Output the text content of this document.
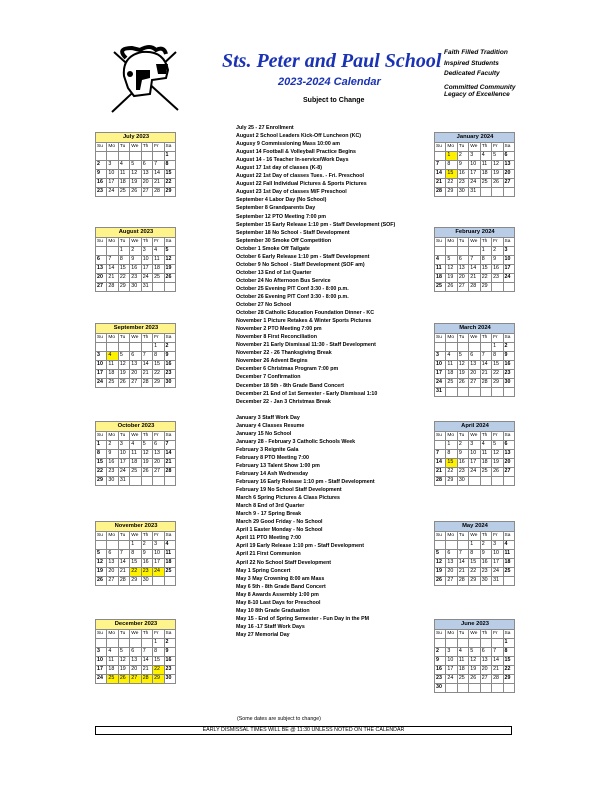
Sts. Peter and Paul School
2023-2024 Calendar
Subject to Change
Faith Filled Tradition
Inspired Students
Dedicated Faculty
Committed Community
Legacy of Excellence
July 2023						
Su	Mo	Tu	We	Th	Fr	Sa
						1
2	3	4	5	6	7	8
9	10	11	12	13	14	15
16	17	18	19	20	21	22
23	24	25	26	27	28	29
August 2023						
Su	Mo	Tu	We	Th	Fr	Sa
		1	2	3	4	5
6	7	8	9	10	11	12
13	14	15	16	17	18	19
20	21	22	23	24	25	26
27	28	29	30	31		
September 2023						
Su	Mo	Tu	We	Th	Fr	Sa
					1	2
3	4	5	6	7	8	9
10	11	12	13	14	15	16
17	18	19	20	21	22	23
24	25	26	27	28	29	30
October 2023						
Su	Mo	Tu	We	Th	Fr	Sa
1	2	3	4	5	6	7
8	9	10	11	12	13	14
15	16	17	18	19	20	21
22	23	24	25	26	27	28
29	30	31				
November 2023						
Su	Mo	Tu	We	Th	Fr	Sa
			1	2	3	4
5	6	7	8	9	10	11
12	13	14	15	16	17	18
19	20	21	22	23	24	25
26	27	28	29	30		
December 2023						
Su	Mo	Tu	We	Th	Fr	Sa
					1	2
3	4	5	6	7	8	9
10	11	12	13	14	15	16
17	18	19	20	21	22	23
24	25	26	27	28	29	30
January 2024						
Su	Mo	Tu	We	Th	Fr	Sa
	1	2	3	4	5	6
7	8	9	10	11	12	13
14	15	16	17	18	19	20
21	22	23	24	25	26	27
28	29	30	31			
February 2024						
Su	Mo	Tu	We	Th	Fr	Sa
				1	2	3
4	5	6	7	8	9	10
11	12	13	14	15	16	17
18	19	20	21	22	23	24
25	26	27	28	29		
March 2024						
Su	Mo	Tu	We	Th	Fr	Sa
					1	2
3	4	5	6	7	8	9
10	11	12	13	14	15	16
17	18	19	20	21	22	23
24	25	26	27	28	29	30
31						
April 2024						
Su	Mo	Tu	We	Th	Fr	Sa
	1	2	3	4	5	6
7	8	9	10	11	12	13
14	15	16	17	18	19	20
21	22	23	24	25	26	27
28	29	30				
May 2024						
Su	Mo	Tu	We	Th	Fr	Sa
			1	2	3	4
5	6	7	8	9	10	11
12	13	14	15	16	17	18
19	20	21	22	23	24	25
26	27	28	29	30	31	
June 2023						
Su	Mo	Tu	We	Th	Fr	Sa
						1
2	3	4	5	6	7	8
9	10	11	12	13	14	15
16	17	18	19	20	21	22
23	24	25	26	27	28	29
30						
July 25 - 27 Enrollment
August 2 School Leaders Kick-Off Luncheon (KC)
Augusy 9 Commissioning Mass 10:00 am
August 14 Football & Volleyball Practice Begins
August 14 - 16 Teacher In-service/Work Days
August 17 1st day of classes (K-8)
August 22 1st Day of classes Tues. - Fri. Preschool
August 22 Fall Individual Pictures & Sports Pictures
August 23 1st Day of classes M/F Preschool
September 4 Labor Day (No School)
September 8 Grandparents Day
September 12 PTO Meeting 7:00 pm
September 15 Early Release 1:10 pm - Staff Development (SOF)
September 18 No School - Staff Development
September 30 Smoke Off Competition
October 1 Smoke Off Tailgate
October 6 Early Release 1:10 pm - Staff Development
October 9 No School - Staff Development (SOF am)
October 13 End of 1st Quarter
October 24 No Afternoon Bus Service
October 25 Evening P/T Conf 3:30 - 8:00 p.m.
October 26 Evening P/T Conf 3:30 - 8:00 p.m.
October 27 No School
October 28 Catholic Education Foundation Dinner - KC
November 1 Picture Retakes & Winter Sports Pictures
November 2 PTO Meeting 7:00 pm
November 8 First Reconciliation
November 21 Early Dismissal 11:30 - Staff Development
November 22 - 26 Thanksgiving Break
November 26 Advent Begins
December 6 Christmas Program 7:00 pm
December 7 Confirmation
December 18 5th - 8th Grade Band Concert
December 21 End of 1st Semester - Early Dismissal 1:10
December 22 - Jan 3 Christmas Break

January 3 Staff Work Day
January 4 Classes Resume
January 15 No School
January 28 - February 3 Catholic Schools Week
February 3 Reignite Gala
February 8 PTO Meeting 7:00
February 13 Talent Show 1:00 pm
February 14 Ash Wednesday
February 16 Early Release 1:10 pm - Staff Development
February 19 No School Staff Development
March 6 Spring Pictures & Class Pictures
March 8 End of 3rd Quarter
March 9 - 17 Spring Break
March 29 Good Friday - No School
April 1 Easter Monday - No School
April 11 PTO Meeting 7:00
April 19 Early Release 1:10 pm - Staff Development
April 21 First Communion
April 22 No School Staff Development
May 1 Spring Concert
May 3 May Crowning 8:00 am Mass
May 6 5th - 8th Grade Band Concert
May 8 Awards Assembly 1:00 pm
May 8-10 Last Days for Preschool
May 10 8th Grade Graduation
May 15 - End of Spring Semester - Fun Day in the PM
May 16 -17 Staff Work Days
May 27 Memorial Day
(Some dates are subject to change)
EARLY DISMISSAL TIMES WILL BE @ 11:30 UNLESS NOTED ON THE CALENDAR
